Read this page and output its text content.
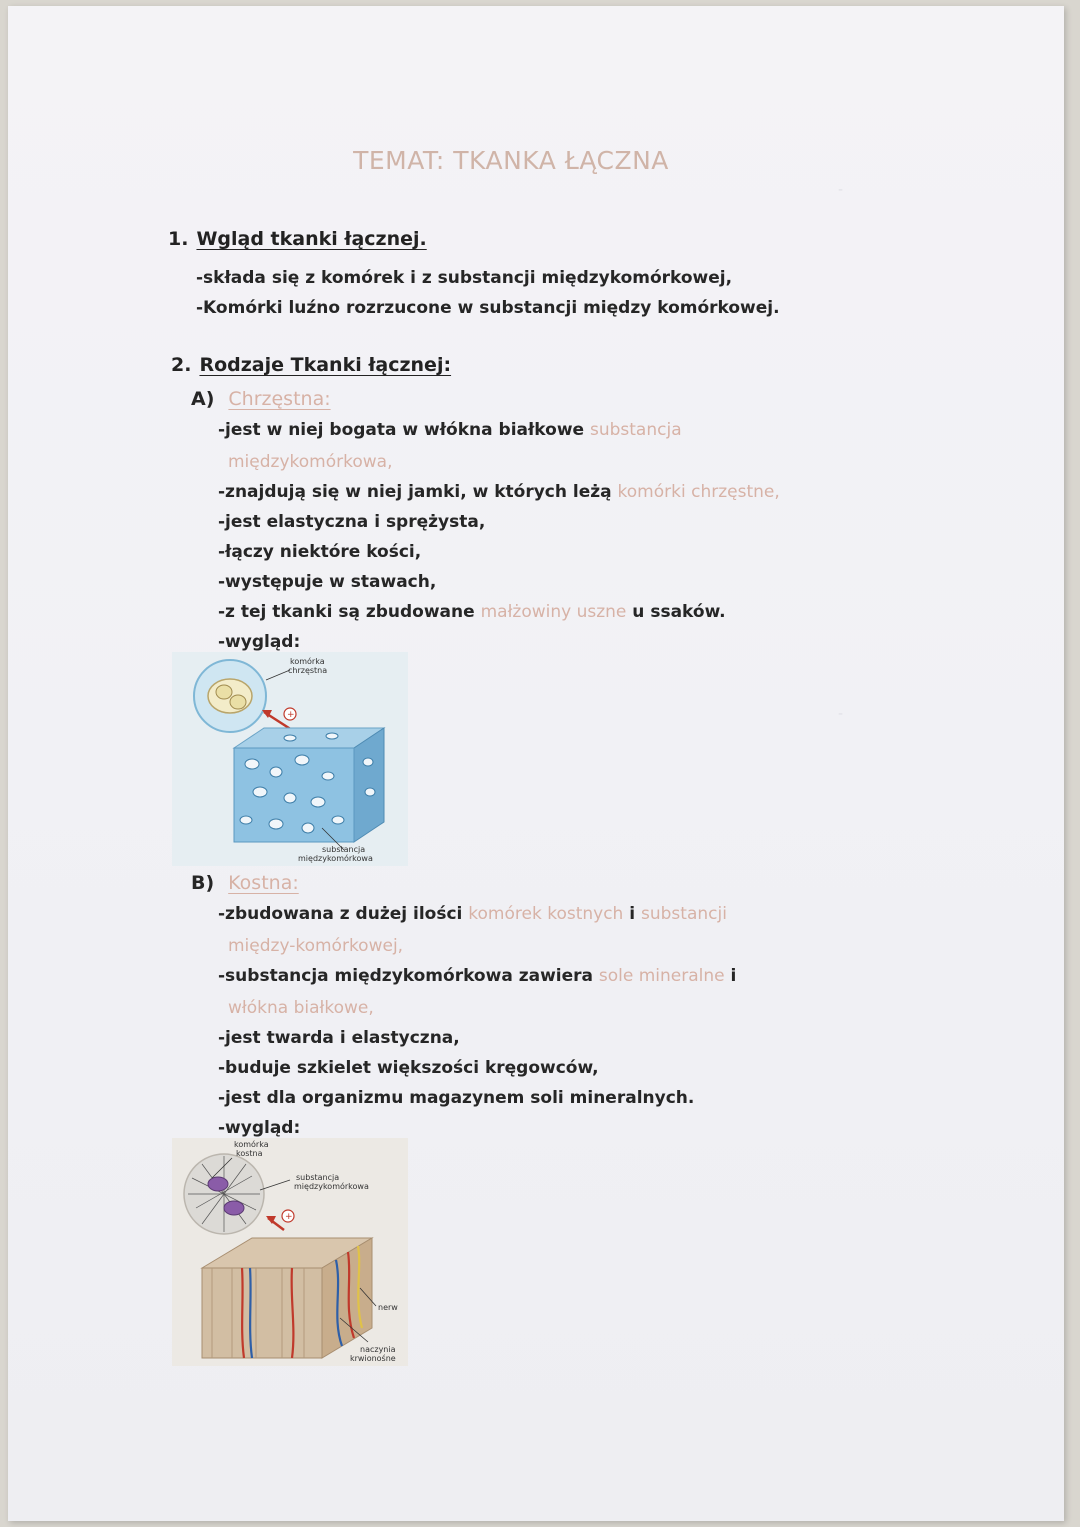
-
-
TEMAT: TKANKA ŁĄCZNA
1. Wgląd tkanki łącznej.
-składa się z komórek i z substancji międzykomórkowej,
-Komórki luźno rozrzucone w substancji między komórkowej.
2. Rodzaje Tkanki łącznej:
A) Chrzęstna:
-jest w niej bogata w włókna białkowe substancja
międzykomórkowa,
-znajdują się w niej jamki, w których leżą komórki chrzęstne,
-jest elastyczna i sprężysta,
-łączy niektóre kości,
-występuje w stawach,
-z tej tkanki są zbudowane małżowiny uszne u ssaków.
-wygląd:
+
komórka
chrzęstna
substancja
międzykomórkowa
B) Kostna:
-zbudowana z dużej ilości komórek kostnych i substancji
między-komórkowej,
-substancja międzykomórkowa zawiera sole mineralne i
włókna białkowe,
-jest twarda i elastyczna,
-buduje szkielet większości kręgowców,
-jest dla organizmu magazynem soli mineralnych.
-wygląd:
+
komórka
kostna
substancja
międzykomórkowa
nerw
naczynia
krwionośne
